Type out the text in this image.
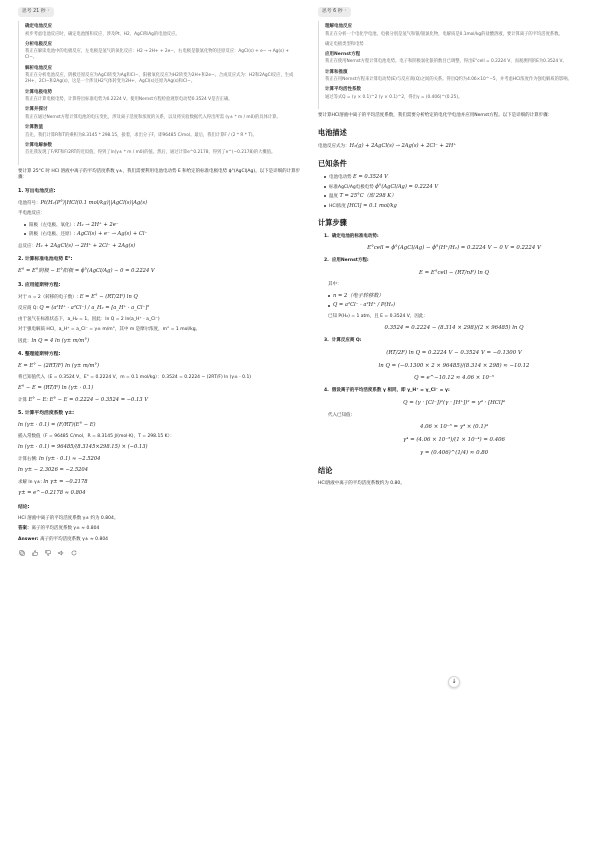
思考 21 秒 ˅
确定电池反应
初步考虑电池反应时，确定电池图和反应，涉及Pt、H2、AgCl和Ag的电池反应。
分析电极反应
我正在解读电池中的电极反应，左电极是氢气的氧化反应：H2 → 2H+ + 2e−，右电极是银氯化物的还原反应：AgCl(s) + e− → Ag(s) + Cl−。
解析电池反应
我正在分析电池反应，阴极还原反应为AgCl转变为Ag和Cl−，阳极氧化反应为H2转变为2H+和2e−。合成反应式为：H2和2AgCl反应，生成2H+、2Cl−和2Ag(s)，这是一个涉及H2气体转变为2H+、AgCl(s)还原为Ag(s)和Cl−。
计算电极电势
我正在计算电极电势，计算得出标准电势为0.2224 V。使用Nernst方程检验观察电动势0.3524 V是否正确。
计算并探讨
我正在通过Nernst方程计算电池的电压变化，涉及离子活度和浓度的关系，以及将实验数据代入得出所需 (γ± * m / m0)的具体计算。
计算数值
首先，我们计算R和T的乘积为8.3145 * 298.15，接着，求出分子F，即96485 C/mol。最后，我们计算F / (2 * R * T)。
计算电解参数
首先我发现了F/RT和F/2RT的近似值，得到了ln(γ± * m / m0)的值。然后，通过计算e^0.2178，得到了e^(−0.2178)的大概值。
要计算 25°C 时 HCl 溶液中离子的平均活度系数 γ±，我们需要利用电池电动势 E 和给定的标准电极电势 ϕ°(AgCl|Ag)。以下是详细的计算步骤：
1. 写出电池反应:
电池符号：Pt(H₂(P°)|HCl(0.1 mol/kg)||AgCl(s)|Ag(s)
半电池反应：
阳极（左电极、氧化）: H₂ → 2H⁺ + 2e⁻
阴极（右电极、还原）: AgCl(s) + e⁻ → Ag(s) + Cl⁻
总反应：H₂ + 2AgCl(s) → 2H⁺ + 2Cl⁻ + 2Ag(s)
2. 计算标准电池电势 E°:
E° = E°阴极 − E°阳极 = ϕ°(AgCl/Ag) − 0 = 0.2224 V
3. 应用能斯特方程:
对于 n = 2（转移的电子数）: E = E° − (RT/2F) ln Q
反应商 Q: Q = (a²H⁺ · a²Cl⁻) / a_H₂ = [a_H⁺ · a_Cl⁻]²
由于氢气在标准状态下，a_H₂ = 1。因此：ln Q = 2 ln(a_H⁺ · a_Cl⁻)
对于强电解质 HCl，a_H⁺ = a_Cl⁻ = γ± m/m°，其中 m 是摩尔浓度，m° = 1 mol/kg。
因此：ln Q = 4 ln (γ± m/m°)
4. 整理能斯特方程:
E = E° − (2RT/F) ln (γ± m/m°)
将已知值代入（E = 0.3524 V，E° = 0.2224 V，m = 0.1 mol/kg）：0.3524 = 0.2224 − (2RT/F) ln (γ± · 0.1)
E° − E = (RT/F) ln (γ± · 0.1)
计算 E° − E: E° − E = 0.2224 − 0.3524 = −0.13 V
5. 计算平均活度系数 γ±:
ln (γ± · 0.1) = (F/RT)(E° − E)
插入常数值（F = 96485 C/mol，R = 8.3145 J/(mol·K)，T = 298.15 K）：
ln (γ± · 0.1) = 96485/(8.3145×298.15) × (−0.13)
计算右侧: ln (γ± · 0.1) ≈ −2.5204
ln γ± − 2.3026 = −2.5204
求解 ln γ±: ln γ± = −0.2178
γ± = e^−0.2178 ≈ 0.804
结论:
HCl 溶液中离子的平均活度系数 γ± 约为 0.804。
答案：离子的平均活度系数 γ± ≈ 0.804
Answer: 离子的平均活度系数 γ± ≈ 0.804
思考 6 秒 ˅
理解电池反应
我正在分析一个电化学电池，电极分别是氢气和银/银氯化物，电解质是0.1mol/kg的盐酸溶液，要计算离子的平均活度系数。
确定电极类型和电势
应用Nernst方程
我正在使用Nernst方程计算电池电势。电子和阴极氯化银的数目已调整，得出E°cell = 0.2224 V，而观测到的E为0.3524 V。
计算和推演
我正在用Nernst方程来计算电动势(E)与反应商(Q)之间的关系。得出Q约为4.06×10^−5，并考虑HCl浓度作为强电解质的影响。
计算平均活性系数
通过等式Q = (γ × 0.1)^2 (γ × 0.1)^2，得出γ = (0.406)^(0.25)。
要计算HCl溶液中离子的平均活度系数，我们需要分析给定的电化学电池并应用Nernst方程。以下是详细的计算步骤：
电池描述
电池反应式为：H₂(g) + 2AgCl(s) → 2Ag(s) + 2Cl⁻ + 2H⁺
已知条件
电池电动势 E = 0.3524 V
标准AgCl/Ag电极电势 ϕ°(AgCl/Ag) = 0.2224 V
温度 T = 25°C（即 298 K）
HCl浓度 [HCl] = 0.1 mol/kg
计算步骤
1. 确定电池的标准电动势:
E°cell = ϕ°(AgCl/Ag) − ϕ°(H⁺/H₂) = 0.2224 V − 0 V = 0.2224 V
2. 应用Nernst方程:
E = E°cell − (RT/nF) ln Q
其中：
n = 2（电子转移数）
Q = a²Cl⁻ · a²H⁺ / P(H₂)
已知 P(H₂) = 1 atm，且 E = 0.3524 V，因此：
0.3524 = 0.2224 − (8.314 × 298)/(2 × 96485) ln Q
3. 计算反应商 Q:
(RT/2F) ln Q = 0.2224 V − 0.3524 V = −0.1300 V
ln Q = (−0.1300 × 2 × 96485)/(8.314 × 298) ≈ −10.12
Q = e^−10.12 ≈ 4.06 × 10⁻⁵
4. 假设离子的平均活度系数 γ 相同，即 γ_H⁺ = γ_Cl⁻ = γ:
Q = (γ · [Cl⁻])²(γ · [H⁺])² = γ⁴ · [HCl]⁴
代入已知值:
4.06 × 10⁻⁵ = γ⁴ × (0.1)⁴
γ⁴ = (4.06 × 10⁻⁵)/(1 × 10⁻⁴) = 0.406
γ = (0.406)^(1/4) ≈ 0.80
结论
HCl溶液中离子的平均活度系数约为 0.80。
↓
